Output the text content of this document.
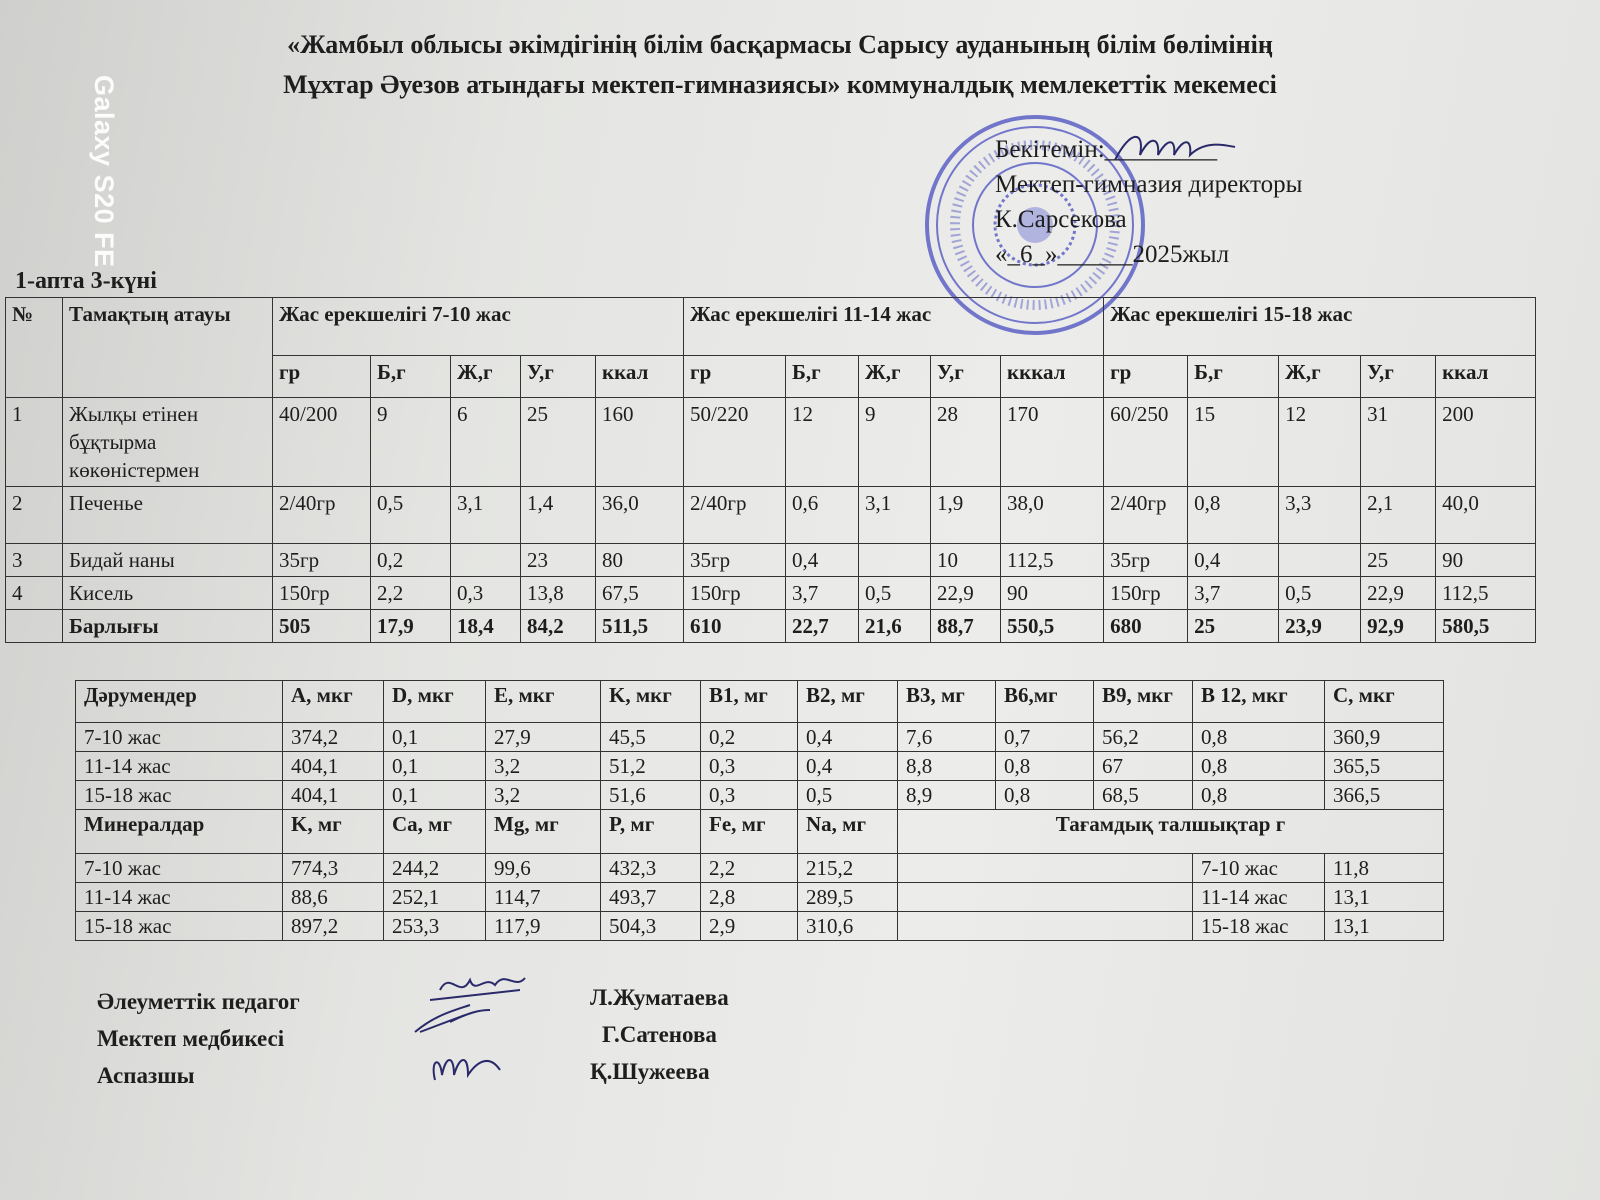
Galaxy S20 FE
«Жамбыл облысы әкімдігінің білім басқармасы Сарысу ауданының білім бөлімінің
Мұхтар Әуезов атындағы мектеп-гимназиясы» коммуналдық мемлекеттік мекемесі
Бекітемін:_________
Мектеп-гимназия директоры
К.Сарсекова
«_6_»______2025жыл
1-апта 3-күні
№	Тамақтың атауы	Жас ерекшелігі 7-10 жас					Жас ерекшелігі 11-14 жас					Жас ерекшелігі 15-18 жас				
		гр	Б,г	Ж,г	У,г	ккал	гр	Б,г	Ж,г	У,г	кккал	гр	Б,г	Ж,г	У,г	ккал
1	Жылқы етінен бұқтырма көкөністермен	40/200	9	6	25	160	50/220	12	9	28	170	60/250	15	12	31	200
2	Печенье	2/40гр	0,5	3,1	1,4	36,0	2/40гр	0,6	3,1	1,9	38,0	2/40гр	0,8	3,3	2,1	40,0
3	Бидай наны	35гр	0,2		23	80	35гр	0,4		10	112,5	35гр	0,4		25	90
4	Кисель	150гр	2,2	0,3	13,8	67,5	150гр	3,7	0,5	22,9	90	150гр	3,7	0,5	22,9	112,5
	Барлығы	505	17,9	18,4	84,2	511,5	610	22,7	21,6	88,7	550,5	680	25	23,9	92,9	580,5
Дәрумендер	A, мкг	D, мкг	E, мкг	K, мкг	B1, мг	B2, мг	B3, мг	B6,мг	B9, мкг	B 12, мкг	C, мкг
7-10 жас	374,2	0,1	27,9	45,5	0,2	0,4	7,6	0,7	56,2	0,8	360,9
11-14 жас	404,1	0,1	3,2	51,2	0,3	0,4	8,8	0,8	67	0,8	365,5
15-18 жас	404,1	0,1	3,2	51,6	0,3	0,5	8,9	0,8	68,5	0,8	366,5
Минералдар	K, мг	Ca, мг	Mg, мг	P, мг	Fe, мг	Na, мг	Тағамдық талшықтар г				
7-10 жас	774,3	244,2	99,6	432,3	2,2	215,2				7-10 жас	11,8
11-14 жас	88,6	252,1	114,7	493,7	2,8	289,5				11-14 жас	13,1
15-18 жас	897,2	253,3	117,9	504,3	2,9	310,6				15-18 жас	13,1
Әлеуметтік педагог
Мектеп медбикесі
Аспазшы
Л.Жуматаева
Г.Сатенова
Қ.Шужеева
